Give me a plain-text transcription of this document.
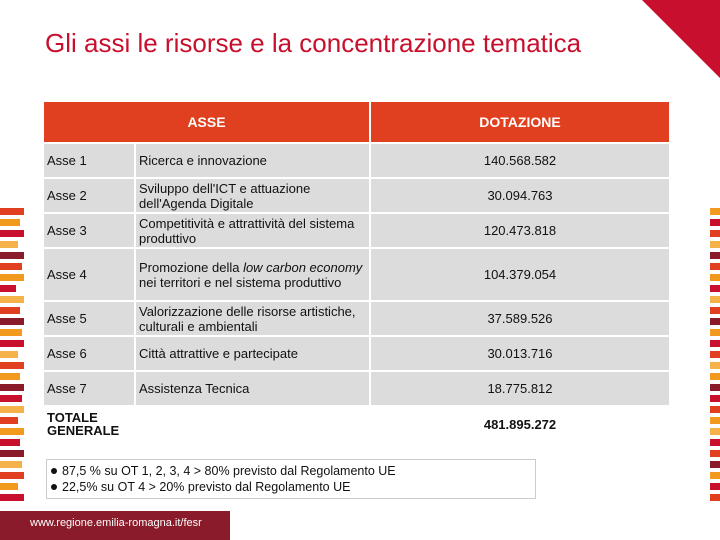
Gli assi le risorse e la concentrazione tematica
ASSE		DOTAZIONE
Asse 1	Ricerca e innovazione	140.568.582
Asse 2	Sviluppo dell'ICT e attuazione dell'Agenda Digitale	30.094.763
Asse 3	Competitività e attrattività del sistema produttivo	120.473.818
Asse 4	Promozione della low carbon economy nei territori e nel sistema produttivo	104.379.054
Asse 5	Valorizzazione delle risorse artistiche, culturali e ambientali	37.589.526
Asse 6	Città attrattive e partecipate	30.013.716
Asse 7	Assistenza Tecnica	18.775.812

TOTALE
GENERALE		481.895.272
87,5 % su OT 1, 2, 3, 4 > 80% previsto dal Regolamento UE
22,5% su OT 4 > 20% previsto dal Regolamento UE
www.regione.emilia-romagna.it/fesr
